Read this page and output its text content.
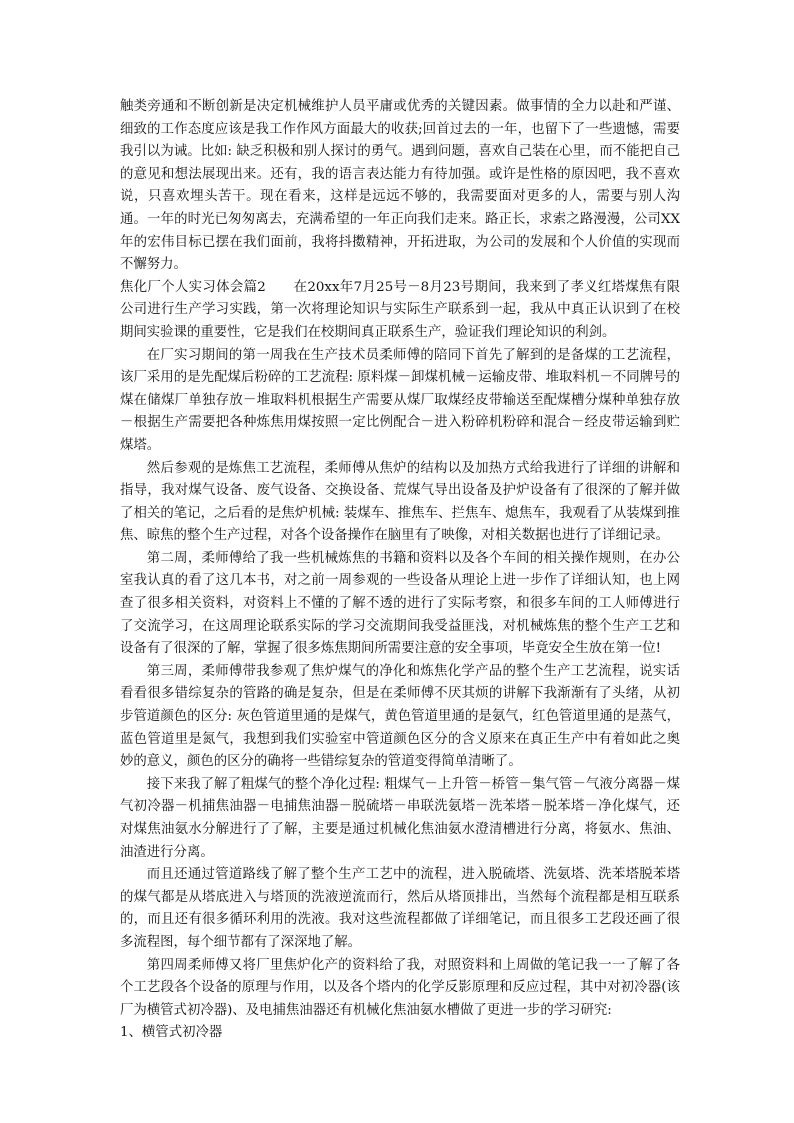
触类旁通和不断创新是决定机械维护人员平庸或优秀的关键因素。做事情的全力以赴和严谨、细致的工作态度应该是我工作作风方面最大的收获;回首过去的一年，也留下了一些遗憾，需要我引以为诫。比如: 缺乏积极和别人探讨的勇气。遇到问题，喜欢自己装在心里，而不能把自己的意见和想法展现出来。还有，我的语言表达能力有待加强。或许是性格的原因吧，我不喜欢说，只喜欢埋头苦干。现在看来，这样是远远不够的，我需要面对更多的人，需要与别人沟通。一年的时光已匆匆离去，充满希望的一年正向我们走来。路正长，求索之路漫漫，公司XX年的宏伟目标已摆在我们面前，我将抖擞精神，开拓进取，为公司的发展和个人价值的实现而不懈努力。

焦化厂个人实习体会篇2　　在20xx年7月25号－8月23号期间，我来到了孝义红塔煤焦有限公司进行生产学习实践，第一次将理论知识与实际生产联系到一起，我从中真正认识到了在校期间实验课的重要性，它是我们在校期间真正联系生产，验证我们理论知识的利剑。

在厂实习期间的第一周我在生产技术员柔师傅的陪同下首先了解到的是备煤的工艺流程，该厂采用的是先配煤后粉碎的工艺流程: 原料煤－卸煤机械－运输皮带、堆取料机－不同牌号的煤在储煤厂单独存放－堆取料机根据生产需要从煤厂取煤经皮带输送至配煤槽分煤种单独存放－根据生产需要把各种炼焦用煤按照一定比例配合－进入粉碎机粉碎和混合－经皮带运输到贮煤塔。

然后参观的是炼焦工艺流程，柔师傅从焦炉的结构以及加热方式给我进行了详细的讲解和指导，我对煤气设备、废气设备、交换设备、荒煤气导出设备及护炉设备有了很深的了解并做了相关的笔记，之后看的是焦炉机械: 装煤车、推焦车、拦焦车、熄焦车，我观看了从装煤到推焦、晾焦的整个生产过程，对各个设备操作在脑里有了映像，对相关数据也进行了详细记录。

第二周，柔师傅给了我一些机械炼焦的书籍和资料以及各个车间的相关操作规则，在办公室我认真的看了这几本书，对之前一周参观的一些设备从理论上进一步作了详细认知，也上网查了很多相关资料，对资料上不懂的了解不透的进行了实际考察，和很多车间的工人师傅进行了交流学习，在这周理论联系实际的学习交流期间我受益匪浅，对机械炼焦的整个生产工艺和设备有了很深的了解，掌握了很多炼焦期间所需要注意的安全事项，毕竟安全生放在第一位!

第三周，柔师傅带我参观了焦炉煤气的净化和炼焦化学产品的整个生产工艺流程，说实话看看很多错综复杂的管路的确是复杂，但是在柔师傅不厌其烦的讲解下我渐渐有了头绪，从初步管道颜色的区分: 灰色管道里通的是煤气，黄色管道里通的是氨气，红色管道里通的是蒸气，蓝色管道里是氮气，我想到我们实验室中管道颜色区分的含义原来在真正生产中有着如此之奥妙的意义，颜色的区分的确将一些错综复杂的管道变得简单清晰了。

接下来我了解了粗煤气的整个净化过程: 粗煤气－上升管－桥管－集气管－气液分离器－煤气初冷器－机捕焦油器－电捕焦油器－脱硫塔－串联洗氨塔－洗苯塔－脱苯塔－净化煤气，还对煤焦油氨水分解进行了了解，主要是通过机械化焦油氨水澄清槽进行分离，将氨水、焦油、油渣进行分离。

而且还通过管道路线了解了整个生产工艺中的流程，进入脱硫塔、洗氨塔、洗苯塔脱苯塔的煤气都是从塔底进入与塔顶的洗液逆流而行，然后从塔顶排出，当然每个流程都是相互联系的，而且还有很多循环利用的洗液。我对这些流程都做了详细笔记，而且很多工艺段还画了很多流程图，每个细节都有了深深地了解。

第四周柔师傅又将厂里焦炉化产的资料给了我，对照资料和上周做的笔记我一一了解了各个工艺段各个设备的原理与作用，以及各个塔内的化学反影原理和反应过程，其中对初冷器(该厂为横管式初冷器)、及电捕焦油器还有机械化焦油氨水槽做了更进一步的学习研究:

1、横管式初冷器
